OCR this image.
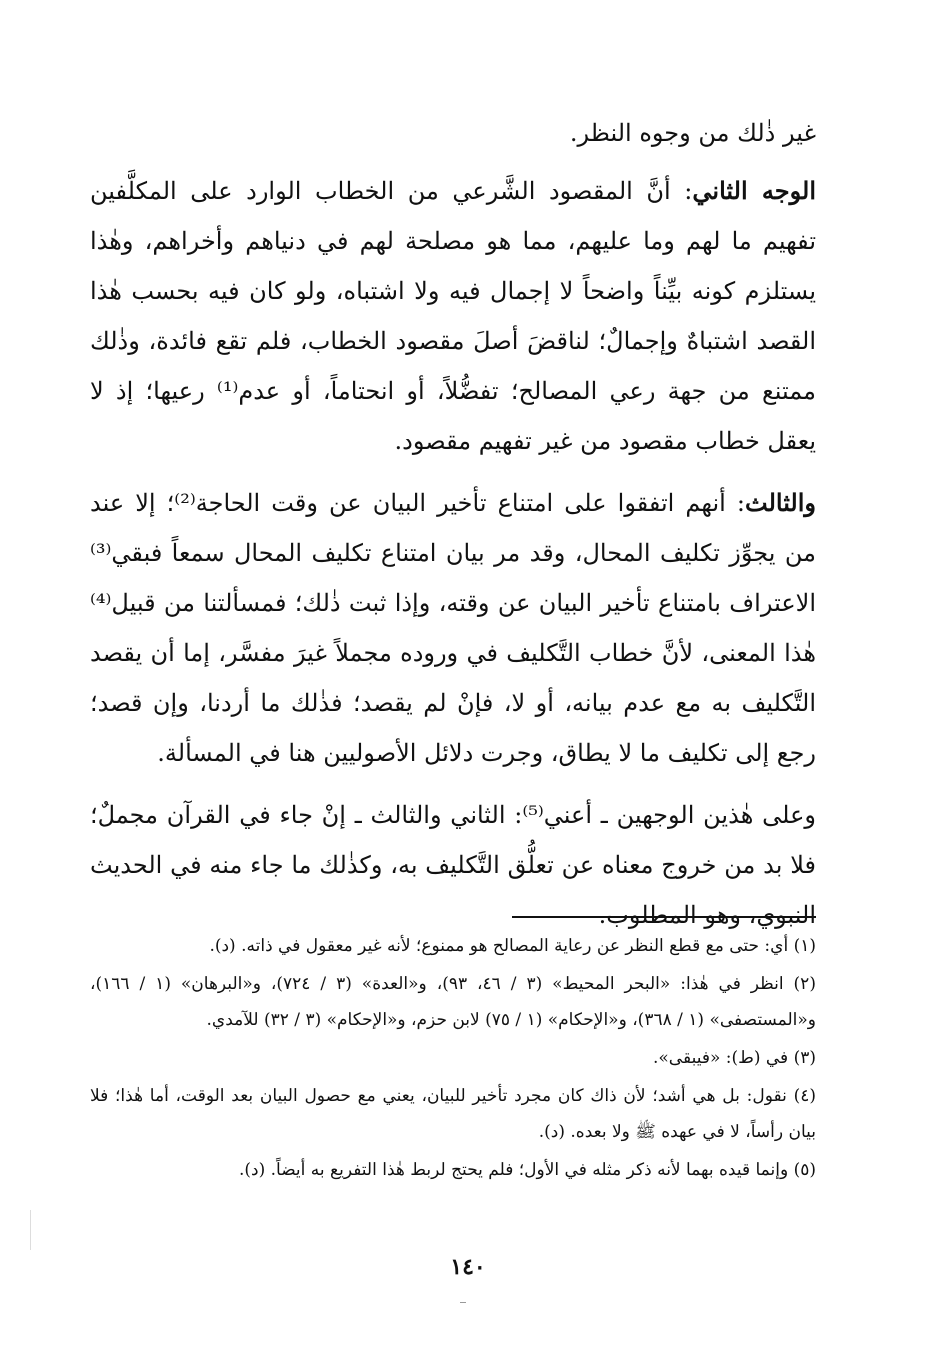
غير ذٰلك من وجوه النظر.

الوجه الثاني: أنَّ المقصود الشَّرعي من الخطاب الوارد على المكلَّفين تفهيم ما لهم وما عليهم، مما هو مصلحة لهم في دنياهم وأخراهم، وهٰذا يستلزم كونه بيِّناً واضحاً لا إجمال فيه ولا اشتباه، ولو كان فيه بحسب هٰذا القصد اشتباهٌ وإجمالٌ؛ لناقضَ أصلَ مقصود الخطاب، فلم تقع فائدة، وذٰلك ممتنع من جهة رعي المصالح؛ تفضُّلاً، أو انحتاماً، أو عدم⁽¹⁾ رعيها؛ إذ لا يعقل خطاب مقصود من غير تفهيم مقصود.

والثالث: أنهم اتفقوا على امتناع تأخير البيان عن وقت الحاجة⁽²⁾؛ إلا عند من يجوِّز تكليف المحال، وقد مر بيان امتناع تكليف المحال سمعاً فبقي⁽³⁾ الاعتراف بامتناع تأخير البيان عن وقته، وإذا ثبت ذٰلك؛ فمسألتنا من قبيل⁽⁴⁾ هٰذا المعنى، لأنَّ خطاب التَّكليف في وروده مجملاً غيرَ مفسَّر، إما أن يقصد التَّكليف به مع عدم بيانه، أو لا، فإنْ لم يقصد؛ فذٰلك ما أردنا، وإن قصد؛ رجع إلى تكليف ما لا يطاق، وجرت دلائل الأصوليين هنا في المسألة.

وعلى هٰذين الوجهين ـ أعني⁽⁵⁾: الثاني والثالث ـ إنْ جاء في القرآن مجملٌ؛ فلا بد من خروج معناه عن تعلُّق التَّكليف به، وكذٰلك ما جاء منه في الحديث النبوي، وهو المطلوب.

(١) أي: حتى مع قطع النظر عن رعاية المصالح هو ممنوع؛ لأنه غير معقول في ذاته. (د).

(٢) انظر في هٰذا: «البحر المحيط» (٣ / ٤٦، ٩٣)، و«العدة» (٣ / ٧٢٤)، و«البرهان» (١ / ١٦٦)، و«المستصفى» (١ / ٣٦٨)، و«الإحكام» (١ / ٧٥) لابن حزم، و«الإحكام» (٣ / ٣٢) للآمدي.

(٣) في (ط): «فيبقى».

(٤) نقول: بل هي أشد؛ لأن ذاك كان مجرد تأخير للبيان، يعني مع حصول البيان بعد الوقت، أما هٰذا؛ فلا بيان رأساً، لا في عهده ﷺ ولا بعده. (د).

(٥) وإنما قيده بهما لأنه ذكر مثله في الأول؛ فلم يحتج لربط هٰذا التفريع به أيضاً. (د).

١٤٠
